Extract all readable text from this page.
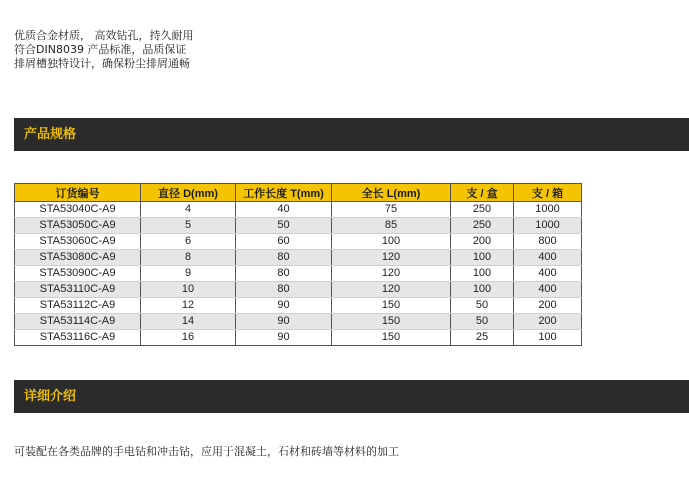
优质合金材质， 高效钻孔，持久耐用
符合DIN8039 产品标准，品质保证
排屑槽独特设计，确保粉尘排屑通畅
产品规格
订货编号	直径 D(mm)	工作长度 T(mm)	全长 L(mm)	支 / 盒	支 / 箱
STA53040C-A9	4	40	75	250	1000
STA53050C-A9	5	50	85	250	1000
STA53060C-A9	6	60	100	200	800
STA53080C-A9	8	80	120	100	400
STA53090C-A9	9	80	120	100	400
STA53110C-A9	10	80	120	100	400
STA53112C-A9	12	90	150	50	200
STA53114C-A9	14	90	150	50	200
STA53116C-A9	16	90	150	25	100
详细介绍
可装配在各类品牌的手电钻和冲击钻，应用于混凝土，石材和砖墙等材料的加工
